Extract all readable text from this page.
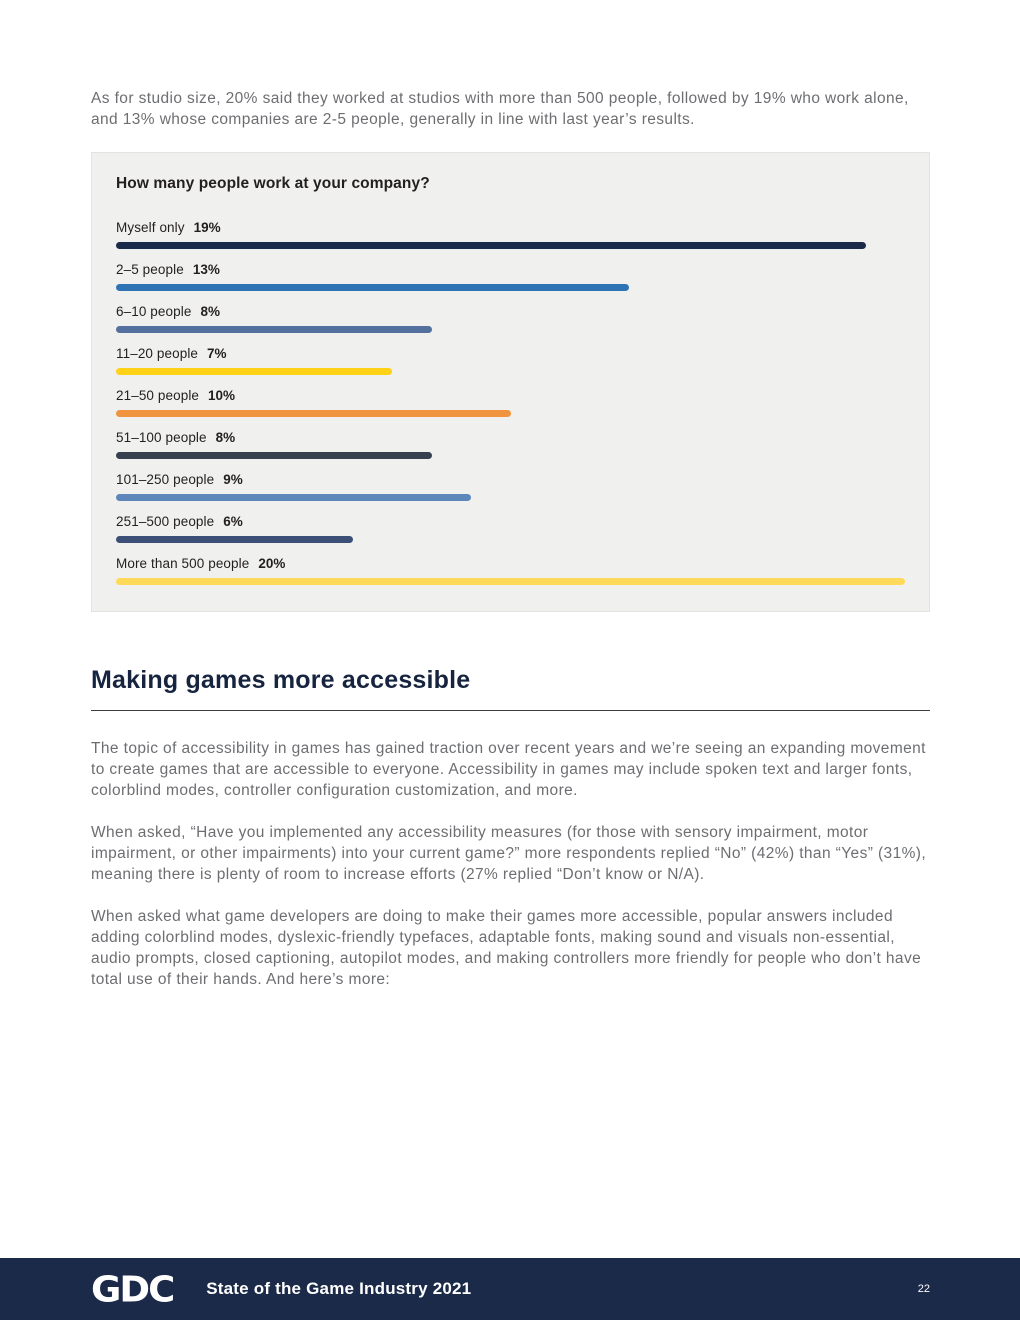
As for studio size, 20% said they worked at studios with more than 500 people, followed by 19% who work alone, and 13% whose companies are 2-5 people, generally in line with last year’s results.

How many people work at your company?
Myself only 19%
2–5 people 13%
6–10 people 8%
11–20 people 7%
21–50 people 10%
51–100 people 8%
101–250 people 9%
251–500 people 6%
More than 500 people 20%
Making games more accessible

The topic of accessibility in games has gained traction over recent years and we’re seeing an expanding movement to create games that are accessible to everyone. Accessibility in games may include spoken text and larger fonts, colorblind modes, controller configuration customization, and more.

When asked, “Have you implemented any accessibility measures (for those with sensory impairment, motor impairment, or other impairments) into your current game?” more respondents replied “No” (42%) than “Yes” (31%), meaning there is plenty of room to increase efforts (27% replied “Don’t know or N/A).

When asked what game developers are doing to make their games more accessible, popular answers included adding colorblind modes, dyslexic-friendly typefaces, adaptable fonts, making sound and visuals non-essential, audio prompts, closed captioning, autopilot modes, and making controllers more friendly for people who don’t have total use of their hands. And here’s more:

GDC State of the Game Industry 2021	22
